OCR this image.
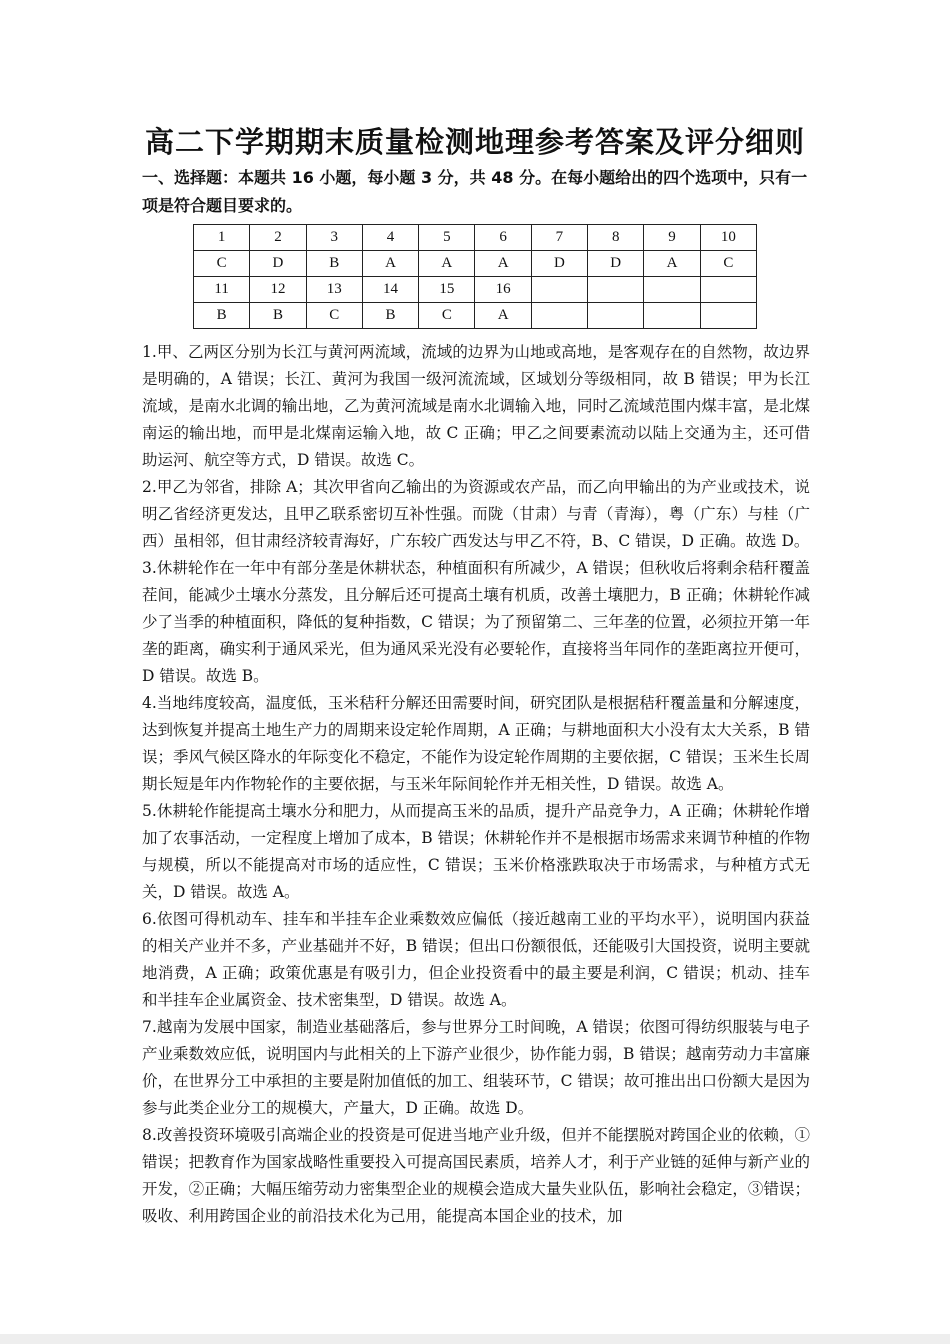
高二下学期期末质量检测地理参考答案及评分细则
一、选择题：本题共 16 小题，每小题 3 分，共 48 分。在每小题给出的四个选项中，只有一项是符合题目要求的。
1	2	3	4	5	6	7	8	9	10
C	D	B	A	A	A	D	D	A	C
11	12	13	14	15	16				
B	B	C	B	C	A				

1.甲、乙两区分别为长江与黄河两流域，流域的边界为山地或高地，是客观存在的自然物，故边界是明确的，A 错误；长江、黄河为我国一级河流流域，区域划分等级相同，故 B 错误；甲为长江流域，是南水北调的输出地，乙为黄河流域是南水北调输入地，同时乙流域范围内煤丰富，是北煤南运的输出地，而甲是北煤南运输入地，故 C 正确；甲乙之间要素流动以陆上交通为主，还可借助运河、航空等方式，D 错误。故选 C。

2.甲乙为邻省，排除 A；其次甲省向乙输出的为资源或农产品，而乙向甲输出的为产业或技术，说明乙省经济更发达，且甲乙联系密切互补性强。而陇（甘肃）与青（青海），粤（广东）与桂（广西）虽相邻，但甘肃经济较青海好，广东较广西发达与甲乙不符，B、C 错误，D 正确。故选 D。

3.休耕轮作在一年中有部分垄是休耕状态，种植面积有所减少，A 错误；但秋收后将剩余秸秆覆盖茬间，能减少土壤水分蒸发，且分解后还可提高土壤有机质，改善土壤肥力，B 正确；休耕轮作减少了当季的种植面积，降低的复种指数，C 错误；为了预留第二、三年垄的位置，必须拉开第一年垄的距离，确实利于通风采光，但为通风采光没有必要轮作，直接将当年同作的垄距离拉开便可，D 错误。故选 B。

4.当地纬度较高，温度低，玉米秸秆分解还田需要时间，研究团队是根据秸秆覆盖量和分解速度，达到恢复并提高土地生产力的周期来设定轮作周期，A 正确；与耕地面积大小没有太大关系，B 错误；季风气候区降水的年际变化不稳定，不能作为设定轮作周期的主要依据，C 错误；玉米生长周期长短是年内作物轮作的主要依据，与玉米年际间轮作并无相关性，D 错误。故选 A。

5.休耕轮作能提高土壤水分和肥力，从而提高玉米的品质，提升产品竞争力，A 正确；休耕轮作增加了农事活动，一定程度上增加了成本，B 错误；休耕轮作并不是根据市场需求来调节种植的作物与规模，所以不能提高对市场的适应性，C 错误；玉米价格涨跌取决于市场需求，与种植方式无关，D 错误。故选 A。

6.依图可得机动车、挂车和半挂车企业乘数效应偏低（接近越南工业的平均水平），说明国内获益的相关产业并不多，产业基础并不好，B 错误；但出口份额很低，还能吸引大国投资，说明主要就地消费，A 正确；政策优惠是有吸引力，但企业投资看中的最主要是利润，C 错误；机动、挂车和半挂车企业属资金、技术密集型，D 错误。故选 A。

7.越南为发展中国家，制造业基础落后，参与世界分工时间晚，A 错误；依图可得纺织服装与电子产业乘数效应低，说明国内与此相关的上下游产业很少，协作能力弱，B 错误；越南劳动力丰富廉价，在世界分工中承担的主要是附加值低的加工、组装环节，C 错误；故可推出出口份额大是因为参与此类企业分工的规模大，产量大，D 正确。故选 D。

8.改善投资环境吸引高端企业的投资是可促进当地产业升级，但并不能摆脱对跨国企业的依赖，①错误；把教育作为国家战略性重要投入可提高国民素质，培养人才，利于产业链的延伸与新产业的开发，②正确；大幅压缩劳动力密集型企业的规模会造成大量失业队伍，影响社会稳定，③错误；吸收、利用跨国企业的前沿技术化为己用，能提高本国企业的技术，加
